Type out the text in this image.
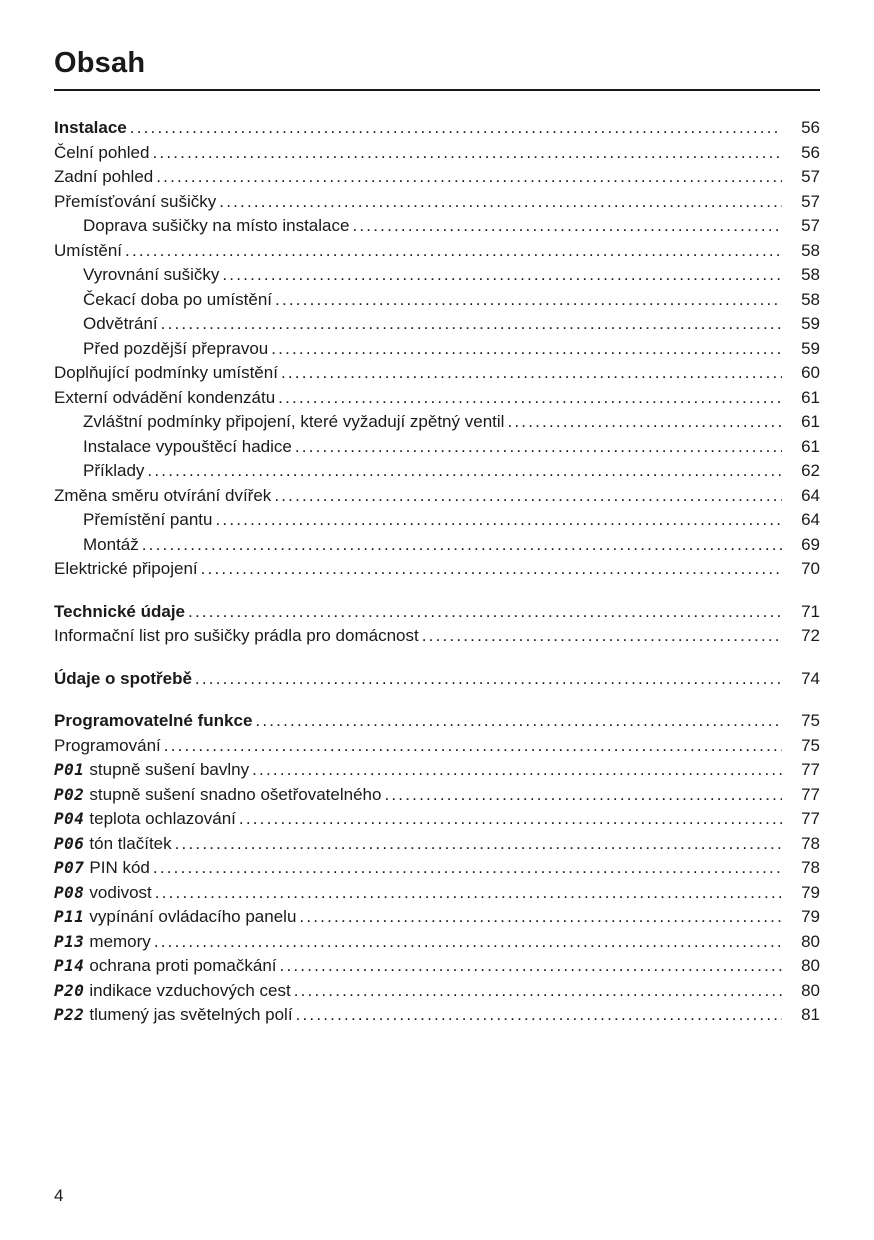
Obsah
Instalace .....	56
Čelní pohled .....	56
Zadní pohled .....	57
Přemísťování sušičky .....	57
Doprava sušičky na místo instalace .....	57
Umístění .....	58
Vyrovnání sušičky .....	58
Čekací doba po umístění .....	58
Odvětrání .....	59
Před pozdější přepravou .....	59
Doplňující podmínky umístění .....	60
Externí odvádění kondenzátu .....	61
Zvláštní podmínky připojení, které vyžadují zpětný ventil .....	61
Instalace vypouštěcí hadice .....	61
Příklady .....	62
Změna směru otvírání dvířek .....	64
Přemístění pantu .....	64
Montáž .....	69
Elektrické připojení .....	70
Technické údaje .....	71
Informační list pro sušičky prádla pro domácnost .....	72
Údaje o spotřebě .....	74
Programovatelné funkce .....	75
Programování .....	75
P01 stupně sušení bavlny .....	77
P02 stupně sušení snadno ošetřovatelného .....	77
P04 teplota ochlazování .....	77
P06 tón tlačítek .....	78
P07 PIN kód .....	78
P08 vodivost .....	79
P11 vypínání ovládacího panelu .....	79
P13 memory .....	80
P14 ochrana proti pomačkání .....	80
P20 indikace vzduchových cest .....	80
P22 tlumený jas světelných polí .....	81
4
